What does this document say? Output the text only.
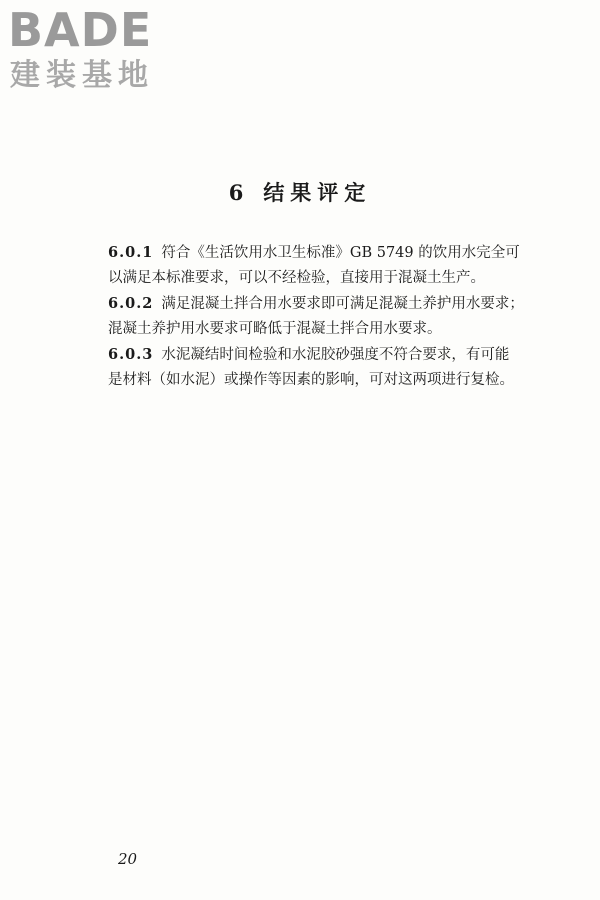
BADE
建装基地
6 结果评定

6.0.1 符合《生活饮用水卫生标准》GB 5749 的饮用水完全可
以满足本标准要求，可以不经检验，直接用于混凝土生产。

6.0.2 满足混凝土拌合用水要求即可满足混凝土养护用水要求；
混凝土养护用水要求可略低于混凝土拌合用水要求。

6.0.3 水泥凝结时间检验和水泥胶砂强度不符合要求，有可能
是材料（如水泥）或操作等因素的影响，可对这两项进行复检。

20
